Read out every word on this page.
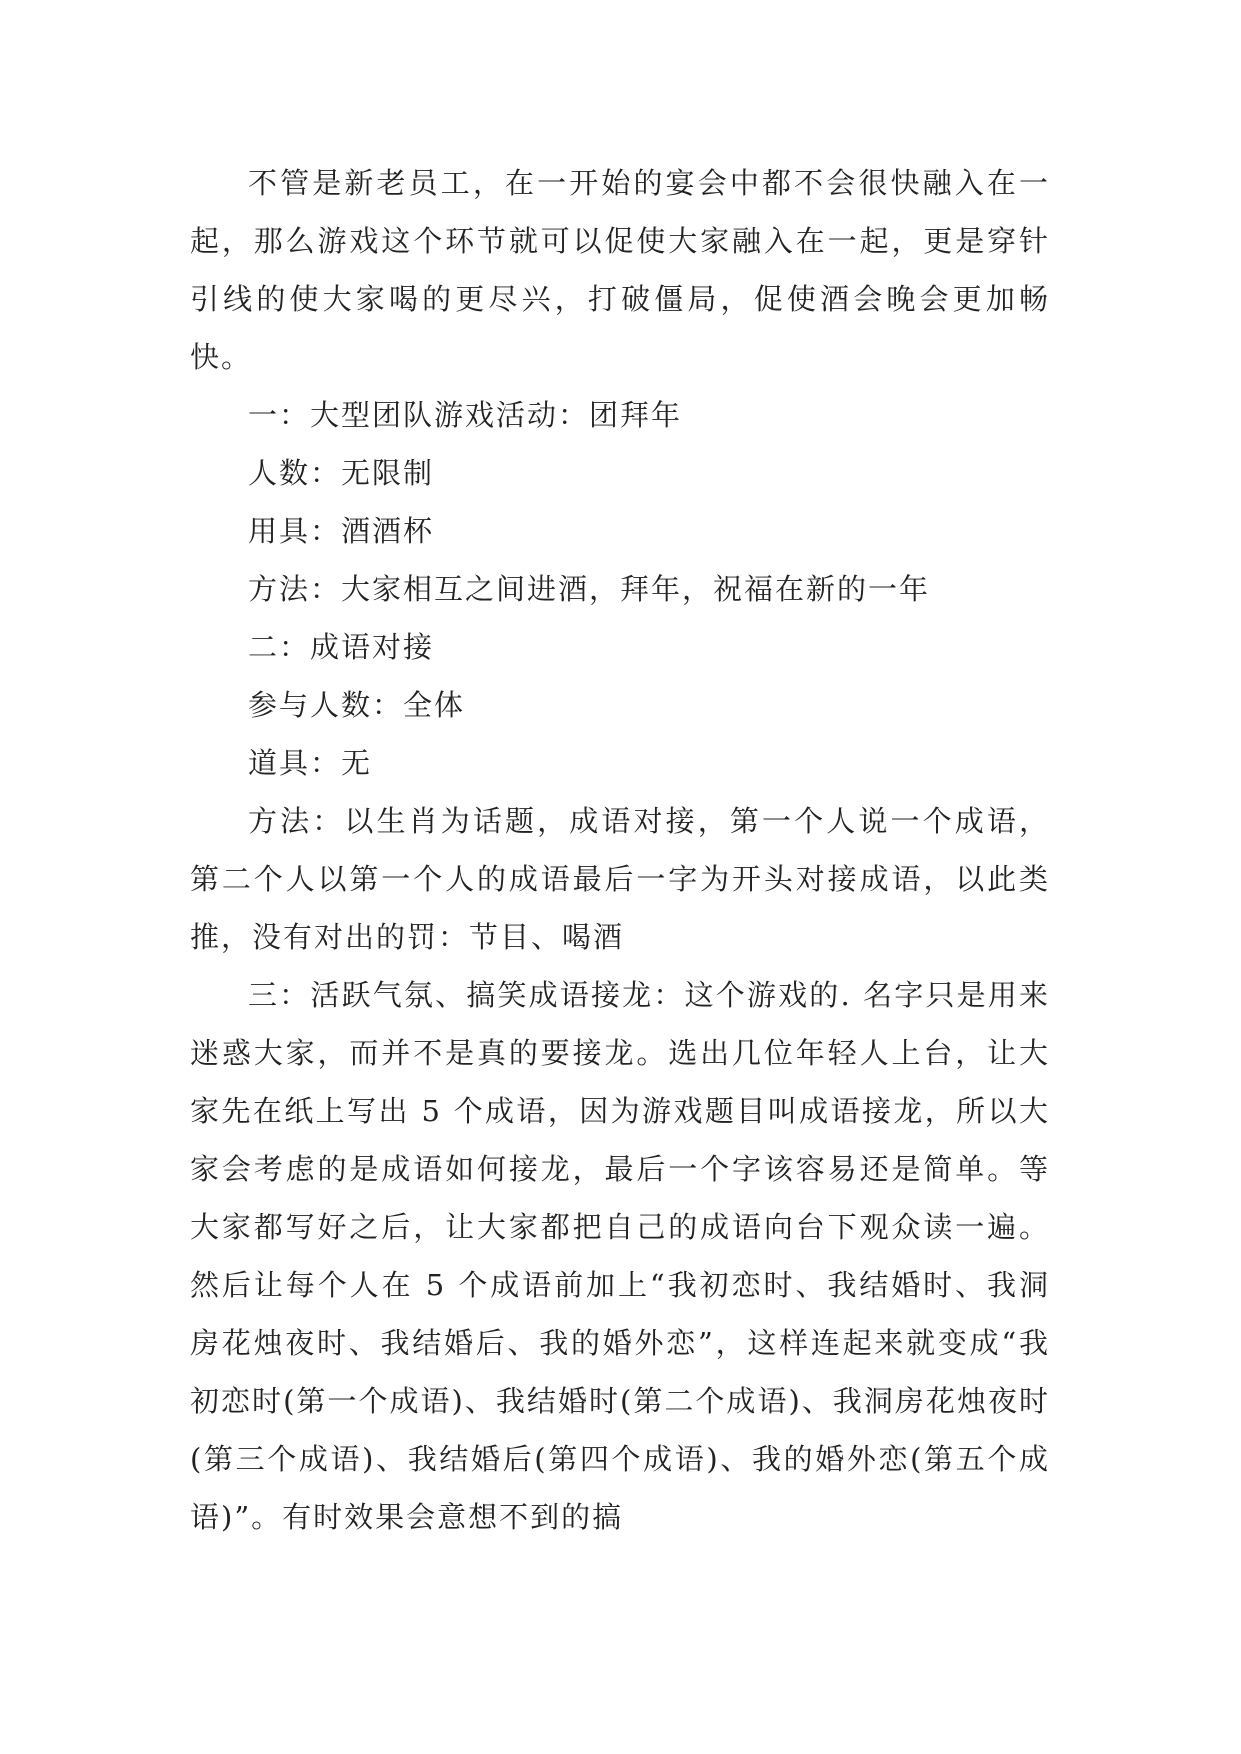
不管是新老员工，在一开始的宴会中都不会很快融入在一起，那么游戏这个环节就可以促使大家融入在一起，更是穿针引线的使大家喝的更尽兴，打破僵局，促使酒会晚会更加畅快。

一：大型团队游戏活动：团拜年

人数：无限制

用具：酒酒杯

方法：大家相互之间进酒，拜年，祝福在新的一年

二：成语对接

参与人数：全体

道具：无

方法：以生肖为话题，成语对接，第一个人说一个成语，第二个人以第一个人的成语最后一字为开头对接成语，以此类推，没有对出的罚：节目、喝酒

三：活跃气氛、搞笑成语接龙：这个游戏的. 名字只是用来迷惑大家，而并不是真的要接龙。选出几位年轻人上台，让大家先在纸上写出 5 个成语，因为游戏题目叫成语接龙，所以大家会考虑的是成语如何接龙，最后一个字该容易还是简单。等大家都写好之后，让大家都把自己的成语向台下观众读一遍。然后让每个人在 5 个成语前加上“我初恋时、我结婚时、我洞房花烛夜时、我结婚后、我的婚外恋”，这样连起来就变成“我初恋时(第一个成语)、我结婚时(第二个成语)、我洞房花烛夜时(第三个成语)、我结婚后(第四个成语)、我的婚外恋(第五个成语)”。有时效果会意想不到的搞
